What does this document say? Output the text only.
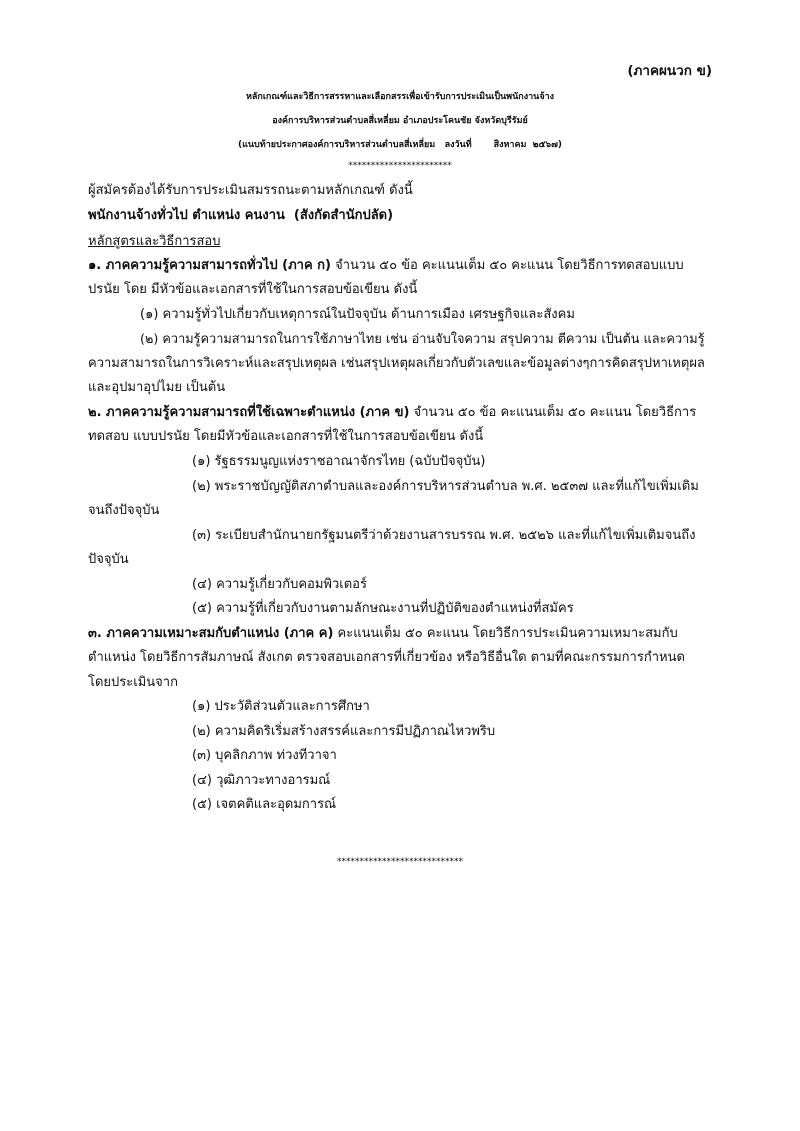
(ภาคผนวก ข)
หลักเกณฑ์และวิธีการสรรหาและเลือกสรรเพื่อเข้ารับการประเมินเป็นพนักงานจ้าง
องค์การบริหารส่วนตำบลสี่เหลี่ยม อำเภอประโคนชัย จังหวัดบุรีรัมย์
(แนบท้ายประกาศองค์การบริหารส่วนตำบลสี่เหลี่ยม   ลงวันที่       สิงหาคม  ๒๕๖๗)
***********************
ผู้สมัครต้องได้รับการประเมินสมรรถนะตามหลักเกณฑ์ ดังนี้
พนักงานจ้างทั่วไป ตำแหน่ง คนงาน  (สังกัดสำนักปลัด)
หลักสูตรและวิธีการสอบ
๑. ภาคความรู้ความสามารถทั่วไป (ภาค ก) จำนวน ๕๐ ข้อ คะแนนเต็ม ๕๐ คะแนน โดยวิธีการทดสอบแบบ
ปรนัย โดย มีหัวข้อและเอกสารที่ใช้ในการสอบข้อเขียน ดังนี้
(๑) ความรู้ทั่วไปเกี่ยวกับเหตุการณ์ในปัจจุบัน ด้านการเมือง เศรษฐกิจและสังคม
(๒) ความรู้ความสามารถในการใช้ภาษาไทย เช่น อ่านจับใจความ สรุปความ ตีความ เป็นต้น และความรู้
ความสามารถในการวิเคราะห์และสรุปเหตุผล เช่นสรุปเหตุผลเกี่ยวกับตัวเลขและข้อมูลต่างๆการคิดสรุปหาเหตุผล
และอุปมาอุปไมย เป็นต้น
๒. ภาคความรู้ความสามารถที่ใช้เฉพาะตำแหน่ง (ภาค ข) จำนวน ๕๐ ข้อ คะแนนเต็ม ๕๐ คะแนน โดยวิธีการ
ทดสอบ แบบปรนัย โดยมีหัวข้อและเอกสารที่ใช้ในการสอบข้อเขียน ดังนี้
(๑) รัฐธรรมนูญแห่งราชอาณาจักรไทย (ฉบับปัจจุบัน)
(๒) พระราชบัญญัติสภาตำบลและองค์การบริหารส่วนตำบล พ.ศ. ๒๕๓๗ และที่แก้ไขเพิ่มเติม
จนถึงปัจจุบัน
(๓) ระเบียบสำนักนายกรัฐมนตรีว่าด้วยงานสารบรรณ พ.ศ. ๒๕๒๖ และที่แก้ไขเพิ่มเติมจนถึง
ปัจจุบัน
(๔) ความรู้เกี่ยวกับคอมพิวเตอร์
(๕) ความรู้ที่เกี่ยวกับงานตามลักษณะงานที่ปฏิบัติของตำแหน่งที่สมัคร
๓. ภาคความเหมาะสมกับตำแหน่ง (ภาค ค) คะแนนเต็ม ๕๐ คะแนน โดยวิธีการประเมินความเหมาะสมกับ
ตำแหน่ง โดยวิธีการสัมภาษณ์ สังเกต ตรวจสอบเอกสารที่เกี่ยวข้อง หรือวิธีอื่นใด ตามที่คณะกรรมการกำหนด
โดยประเมินจาก
(๑) ประวัติส่วนตัวและการศึกษา
(๒) ความคิดริเริ่มสร้างสรรค์และการมีปฏิภาณไหวพริบ
(๓) บุคลิกภาพ ท่วงทีวาจา
(๔) วุฒิภาวะทางอารมณ์
(๕) เจตคติและอุดมการณ์
****************************
